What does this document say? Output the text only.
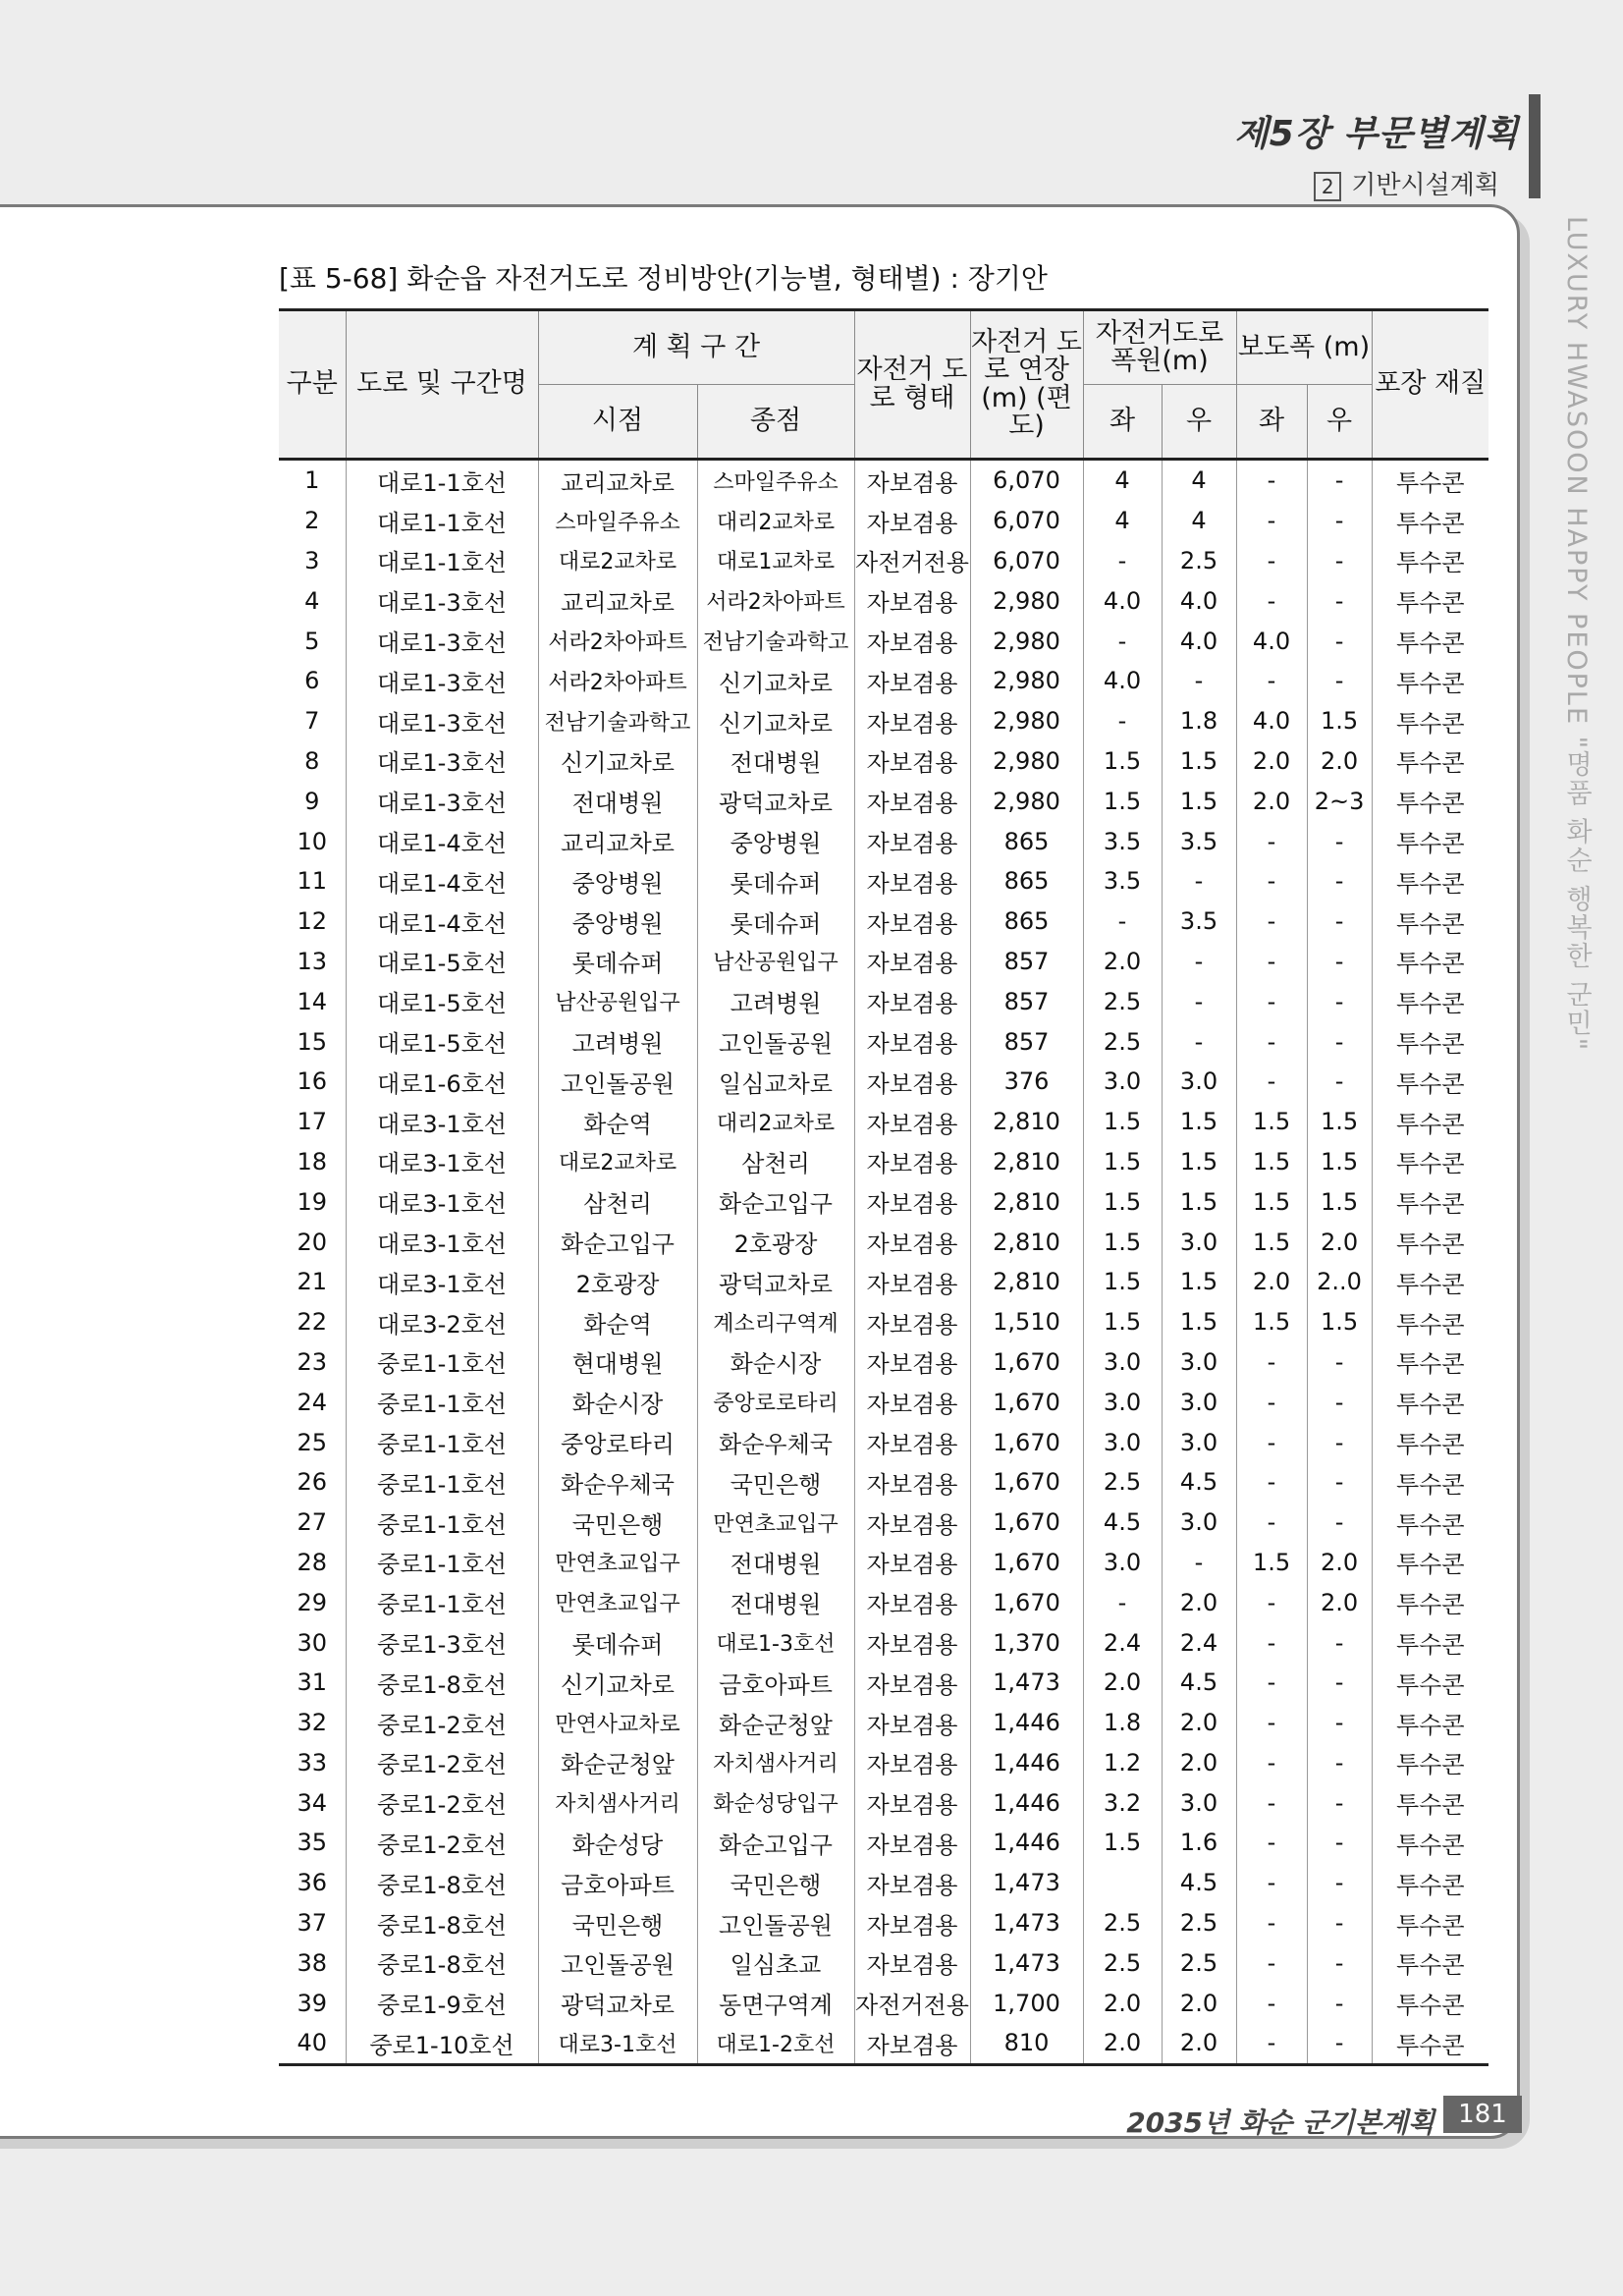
제5장 부문별계획
2 기반시설계획
LUXURY HWASOON HAPPY PEOPLE "명품 화순 행복한 군민"
[표 5-68] 화순읍 자전거도로 정비방안(기능별, 형태별) : 장기안
구분	도로 및 구간명	계 획 구 간		자전거 도로 형태	자전거 도로 연장(m) (편도)	자전거도로 폭원(m)		보도폭 (m)		포장 재질
		시점	종점			좌	우	좌	우	
1	대로1-1호선	교리교차로	스마일주유소	자보겸용	6,070	4	4	-	-	투수콘
2	대로1-1호선	스마일주유소	대리2교차로	자보겸용	6,070	4	4	-	-	투수콘
3	대로1-1호선	대로2교차로	대로1교차로	자전거전용	6,070	-	2.5	-	-	투수콘
4	대로1-3호선	교리교차로	서라2차아파트	자보겸용	2,980	4.0	4.0	-	-	투수콘
5	대로1-3호선	서라2차아파트	전남기술과학고	자보겸용	2,980	-	4.0	4.0	-	투수콘
6	대로1-3호선	서라2차아파트	신기교차로	자보겸용	2,980	4.0	-	-	-	투수콘
7	대로1-3호선	전남기술과학고	신기교차로	자보겸용	2,980	-	1.8	4.0	1.5	투수콘
8	대로1-3호선	신기교차로	전대병원	자보겸용	2,980	1.5	1.5	2.0	2.0	투수콘
9	대로1-3호선	전대병원	광덕교차로	자보겸용	2,980	1.5	1.5	2.0	2~3	투수콘
10	대로1-4호선	교리교차로	중앙병원	자보겸용	865	3.5	3.5	-	-	투수콘
11	대로1-4호선	중앙병원	롯데슈퍼	자보겸용	865	3.5	-	-	-	투수콘
12	대로1-4호선	중앙병원	롯데슈퍼	자보겸용	865	-	3.5	-	-	투수콘
13	대로1-5호선	롯데슈퍼	남산공원입구	자보겸용	857	2.0	-	-	-	투수콘
14	대로1-5호선	남산공원입구	고려병원	자보겸용	857	2.5	-	-	-	투수콘
15	대로1-5호선	고려병원	고인돌공원	자보겸용	857	2.5	-	-	-	투수콘
16	대로1-6호선	고인돌공원	일심교차로	자보겸용	376	3.0	3.0	-	-	투수콘
17	대로3-1호선	화순역	대리2교차로	자보겸용	2,810	1.5	1.5	1.5	1.5	투수콘
18	대로3-1호선	대로2교차로	삼천리	자보겸용	2,810	1.5	1.5	1.5	1.5	투수콘
19	대로3-1호선	삼천리	화순고입구	자보겸용	2,810	1.5	1.5	1.5	1.5	투수콘
20	대로3-1호선	화순고입구	2호광장	자보겸용	2,810	1.5	3.0	1.5	2.0	투수콘
21	대로3-1호선	2호광장	광덕교차로	자보겸용	2,810	1.5	1.5	2.0	2..0	투수콘
22	대로3-2호선	화순역	계소리구역계	자보겸용	1,510	1.5	1.5	1.5	1.5	투수콘
23	중로1-1호선	현대병원	화순시장	자보겸용	1,670	3.0	3.0	-	-	투수콘
24	중로1-1호선	화순시장	중앙로로타리	자보겸용	1,670	3.0	3.0	-	-	투수콘
25	중로1-1호선	중앙로타리	화순우체국	자보겸용	1,670	3.0	3.0	-	-	투수콘
26	중로1-1호선	화순우체국	국민은행	자보겸용	1,670	2.5	4.5	-	-	투수콘
27	중로1-1호선	국민은행	만연초교입구	자보겸용	1,670	4.5	3.0	-	-	투수콘
28	중로1-1호선	만연초교입구	전대병원	자보겸용	1,670	3.0	-	1.5	2.0	투수콘
29	중로1-1호선	만연초교입구	전대병원	자보겸용	1,670	-	2.0	-	2.0	투수콘
30	중로1-3호선	롯데슈퍼	대로1-3호선	자보겸용	1,370	2.4	2.4	-	-	투수콘
31	중로1-8호선	신기교차로	금호아파트	자보겸용	1,473	2.0	4.5	-	-	투수콘
32	중로1-2호선	만연사교차로	화순군청앞	자보겸용	1,446	1.8	2.0	-	-	투수콘
33	중로1-2호선	화순군청앞	자치샘사거리	자보겸용	1,446	1.2	2.0	-	-	투수콘
34	중로1-2호선	자치샘사거리	화순성당입구	자보겸용	1,446	3.2	3.0	-	-	투수콘
35	중로1-2호선	화순성당	화순고입구	자보겸용	1,446	1.5	1.6	-	-	투수콘
36	중로1-8호선	금호아파트	국민은행	자보겸용	1,473		4.5	-	-	투수콘
37	중로1-8호선	국민은행	고인돌공원	자보겸용	1,473	2.5	2.5	-	-	투수콘
38	중로1-8호선	고인돌공원	일심초교	자보겸용	1,473	2.5	2.5	-	-	투수콘
39	중로1-9호선	광덕교차로	동면구역계	자전거전용	1,700	2.0	2.0	-	-	투수콘
40	중로1-10호선	대로3-1호선	대로1-2호선	자보겸용	810	2.0	2.0	-	-	투수콘
2035년 화순 군기본계획 181
